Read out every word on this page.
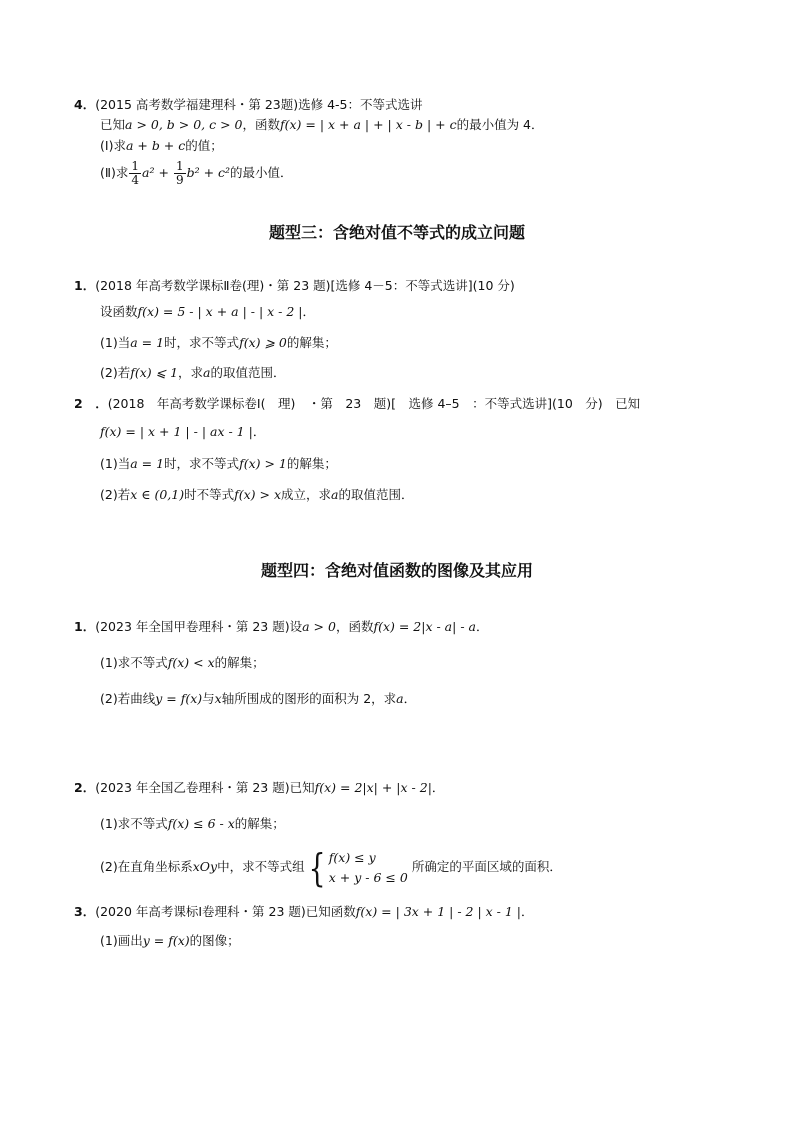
4．(2015 高考数学福建理科・第 23题)选修 4-5：不等式选讲
已知a > 0, b > 0, c > 0，函数f(x) = | x + a | + | x - b | + c的最小值为 4．
(Ⅰ)求a + b + c的值；
(Ⅱ)求 $\frac{1}{4} a^2 + \frac{1}{9} b^2 + c^2$的最小值．
题型三：含绝对值不等式的成立问题
1．(2018 年高考数学课标Ⅱ卷(理)・第 23 题)[选修 4－5：不等式选讲](10 分)
设函数f(x) = 5 - | x + a | - | x - 2 |．
(1)当a = 1时，求不等式f(x) ⩾ 0的解集；
(2)若f(x) ⩽ 1，求a的取值范围．
2　．(2018　年高考数学课标卷Ⅰ(　理)　・第　23　题)[　选修 4–5　：不等式选讲](10　分)　已知
f(x) = | x + 1 | - | ax - 1 |．
(1)当a = 1时，求不等式f(x) > 1的解集；
(2)若x ∈ (0,1)时不等式f(x) > x成立，求a的取值范围．
题型四：含绝对值函数的图像及其应用
1．(2023 年全国甲卷理科・第 23 题)设a > 0，函数f(x) = 2|x - a| - a．
(1)求不等式f(x) < x的解集；
(2)若曲线y = f(x)与x轴所围成的图形的面积为 2，求a．
2．(2023 年全国乙卷理科・第 23 题)已知f(x) = 2|x| + |x - 2|．
(1)求不等式f(x) ≤ 6 - x的解集；
(2)在直角坐标系xOy中，求不等式组{ f(x) ≤ y
x + y - 6 ≤ 0
所确定的平面区域的面积．
3．(2020 年高考课标Ⅰ卷理科・第 23 题)已知函数f(x) = | 3x + 1 | - 2 | x - 1 |．
(1)画出y = f(x)的图像；
